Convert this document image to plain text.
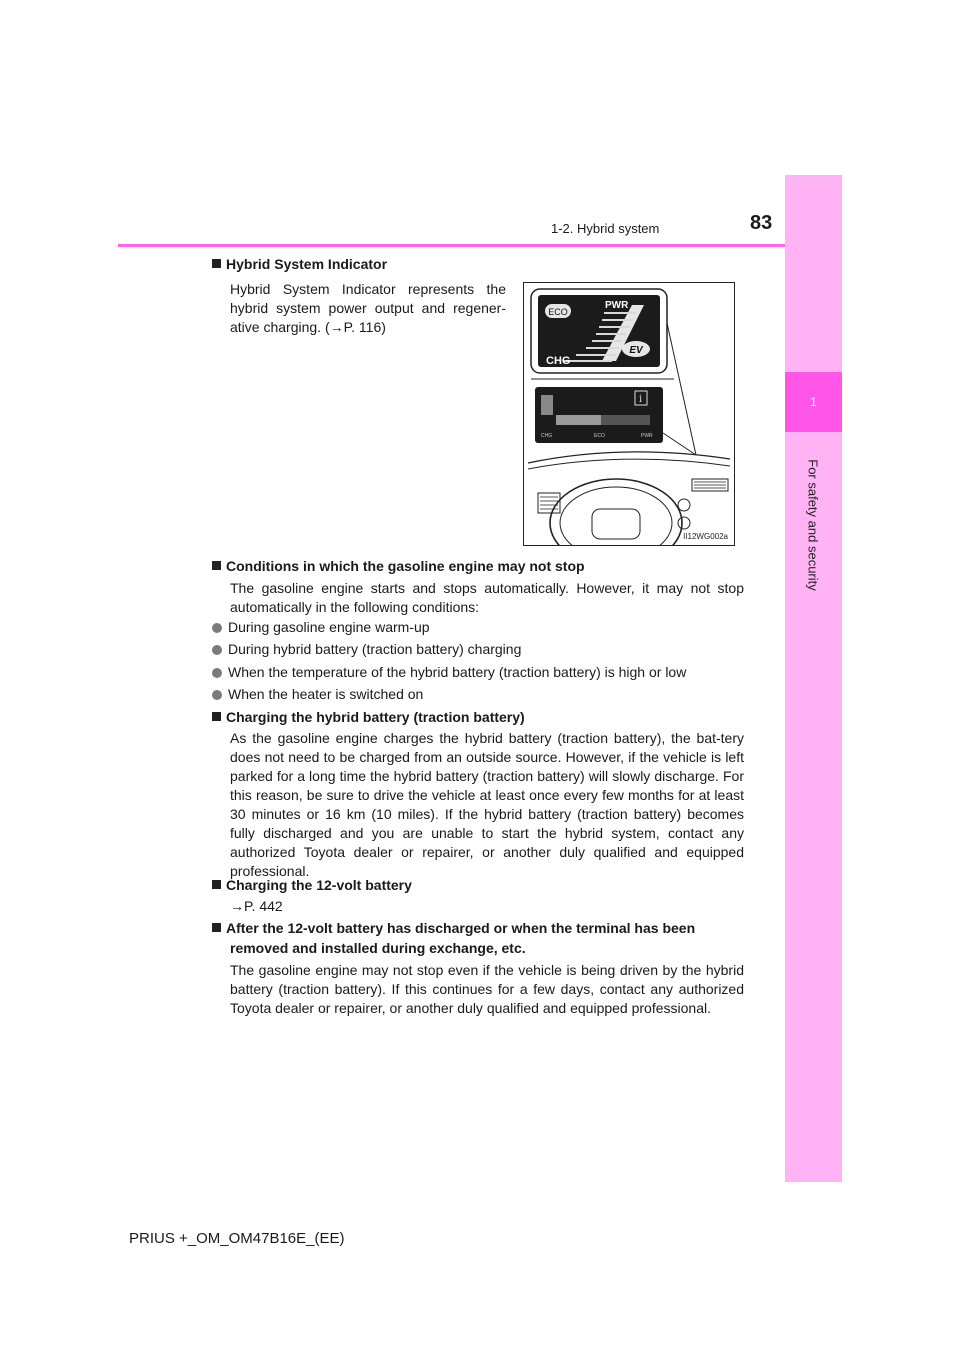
1
For safety and security
1-2. Hybrid system	83
Hybrid System Indicator
Hybrid System Indicator represents the hybrid system power output and regener-ative charging. (→P. 116)
ECO
PWR
CHG
EV
i
CHG	ECO	PWR
II12WG002a
Conditions in which the gasoline engine may not stop
The gasoline engine starts and stops automatically. However, it may not stop automatically in the following conditions:
During gasoline engine warm-up
During hybrid battery (traction battery) charging
When the temperature of the hybrid battery (traction battery) is high or low
When the heater is switched on
Charging the hybrid battery (traction battery)
As the gasoline engine charges the hybrid battery (traction battery), the bat-tery does not need to be charged from an outside source. However, if the vehicle is left parked for a long time the hybrid battery (traction battery) will slowly discharge. For this reason, be sure to drive the vehicle at least once every few months for at least 30 minutes or 16 km (10 miles). If the hybrid battery (traction battery) becomes fully discharged and you are unable to start the hybrid system, contact any authorized Toyota dealer or repairer, or another duly qualified and equipped professional.
Charging the 12-volt battery
→P. 442
After the 12-volt battery has discharged or when the terminal has been
removed and installed during exchange, etc.
The gasoline engine may not stop even if the vehicle is being driven by the hybrid battery (traction battery). If this continues for a few days, contact any authorized Toyota dealer or repairer, or another duly qualified and equipped professional.
PRIUS +_OM_OM47B16E_(EE)
